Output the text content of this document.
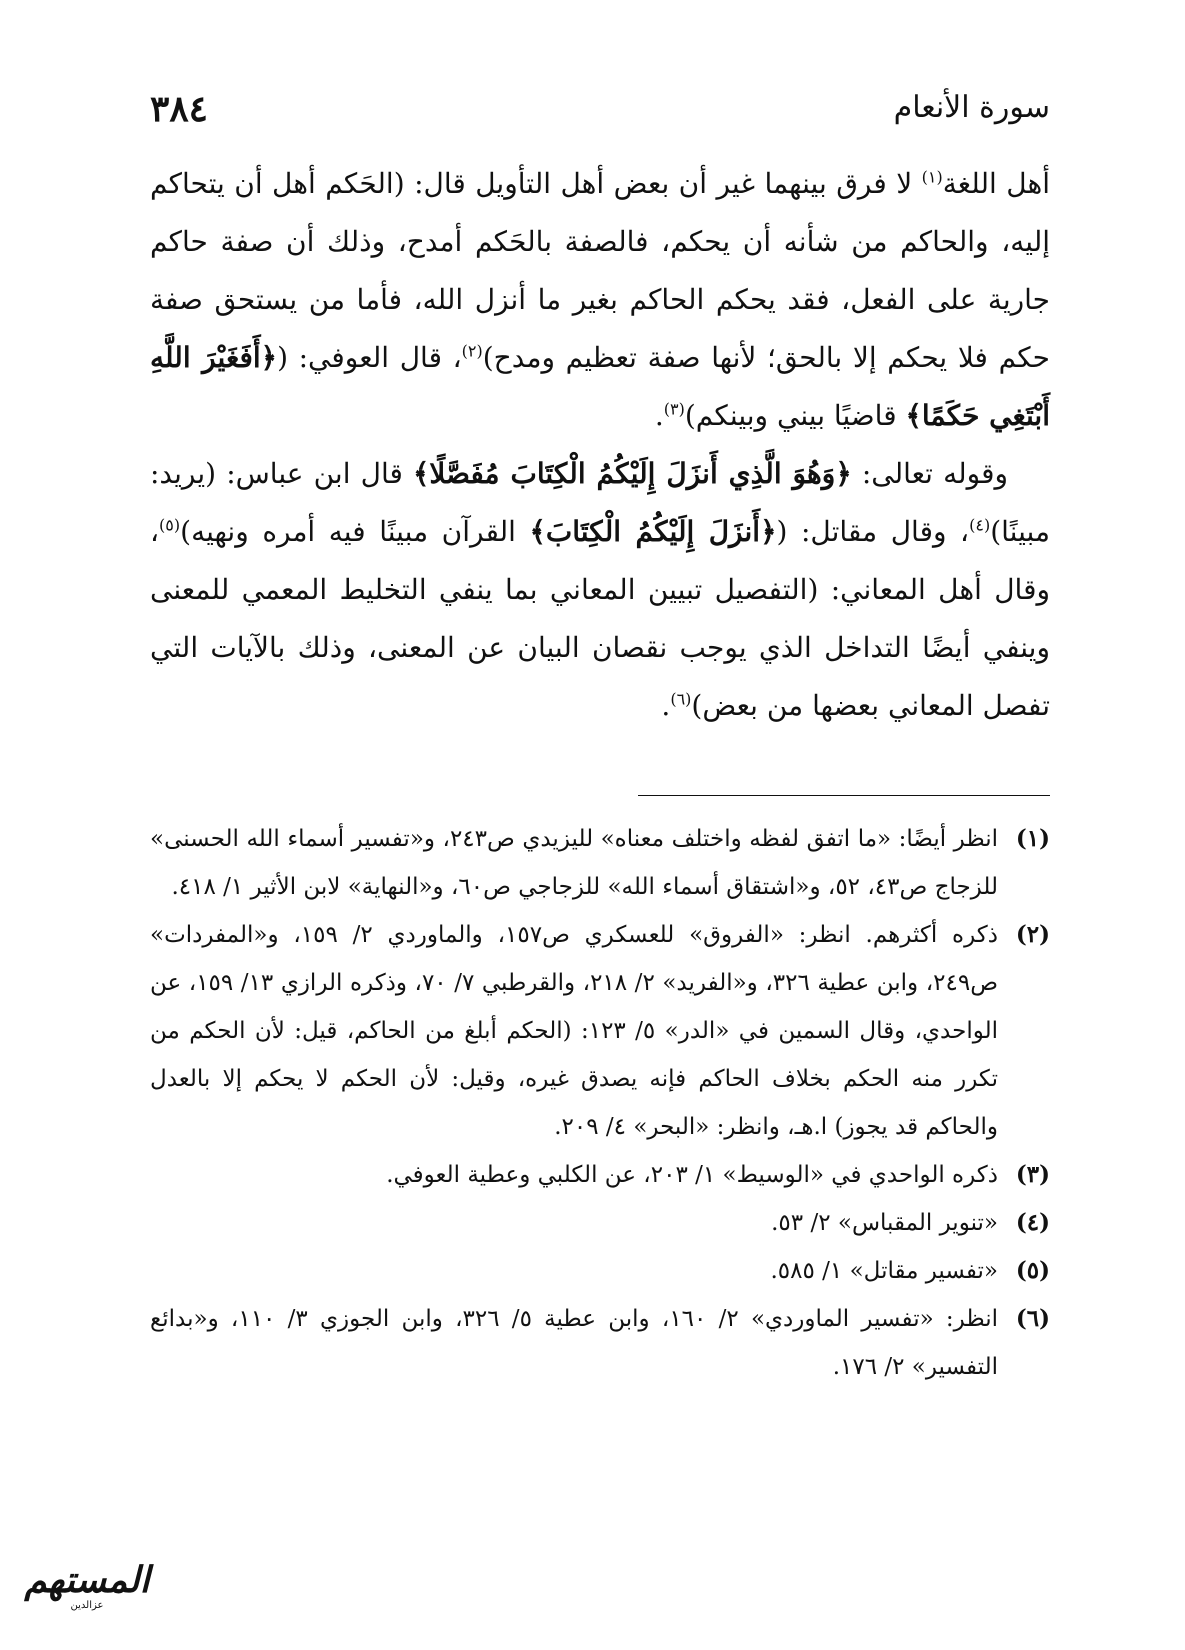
٣٨٤	سورة الأنعام

أهل اللغة$^{(١)}$ لا فرق بينهما غير أن بعض أهل التأويل قال: (الحَكم أهل أن يتحاكم إليه، والحاكم من شأنه أن يحكم، فالصفة بالحَكم أمدح، وذلك أن صفة حاكم جارية على الفعل، فقد يحكم الحاكم بغير ما أنزل الله، فأما من يستحق صفة حكم فلا يحكم إلا بالحق؛ لأنها صفة تعظيم ومدح)$^{(٢)}$، قال العوفي: (﴿أَفَغَيْرَ اللَّهِ أَبْتَغِي حَكَمًا﴾ قاضيًا بيني وبينكم)$^{(٣)}$.

وقوله تعالى: ﴿وَهُوَ الَّذِي أَنزَلَ إِلَيْكُمُ الْكِتَابَ مُفَصَّلًا﴾ قال ابن عباس: (يريد: مبينًا)$^{(٤)}$، وقال مقاتل: (﴿أَنزَلَ إِلَيْكُمُ الْكِتَابَ﴾ القرآن مبينًا فيه أمره ونهيه)$^{(٥)}$، وقال أهل المعاني: (التفصيل تبيين المعاني بما ينفي التخليط المعمي للمعنى وينفي أيضًا التداخل الذي يوجب نقصان البيان عن المعنى، وذلك بالآيات التي تفصل المعاني بعضها من بعض)$^{(٦)}$.

(١)
انظر أيضًا: «ما اتفق لفظه واختلف معناه» لليزيدي ص٢٤٣، و«تفسير أسماء الله الحسنى» للزجاج ص٤٣، ٥٢، و«اشتقاق أسماء الله» للزجاجي ص٦٠، و«النهاية» لابن الأثير ١/ ٤١٨.
(٢)
ذكره أكثرهم. انظر: «الفروق» للعسكري ص١٥٧، والماوردي ٢/ ١٥٩، و«المفردات» ص٢٤٩، وابن عطية ٣٢٦، و«الفريد» ٢/ ٢١٨، والقرطبي ٧/ ٧٠، وذكره الرازي ١٣/ ١٥٩، عن الواحدي، وقال السمين في «الدر» ٥/ ١٢٣: (الحكم أبلغ من الحاكم، قيل: لأن الحكم من تكرر منه الحكم بخلاف الحاكم فإنه يصدق غيره، وقيل: لأن الحكم لا يحكم إلا بالعدل والحاكم قد يجوز) ا.هـ، وانظر: «البحر» ٤/ ٢٠٩.
(٣)
ذكره الواحدي في «الوسيط» ١/ ٢٠٣، عن الكلبي وعطية العوفي.
(٤)
«تنوير المقباس» ٢/ ٥٣.
(٥)
«تفسير مقاتل» ١/ ٥٨٥.
(٦)
انظر: «تفسير الماوردي» ٢/ ١٦٠، وابن عطية ٥/ ٣٢٦، وابن الجوزي ٣/ ١١٠، و«بدائع التفسير» ٢/ ١٧٦.
المستهم
عزالدين
